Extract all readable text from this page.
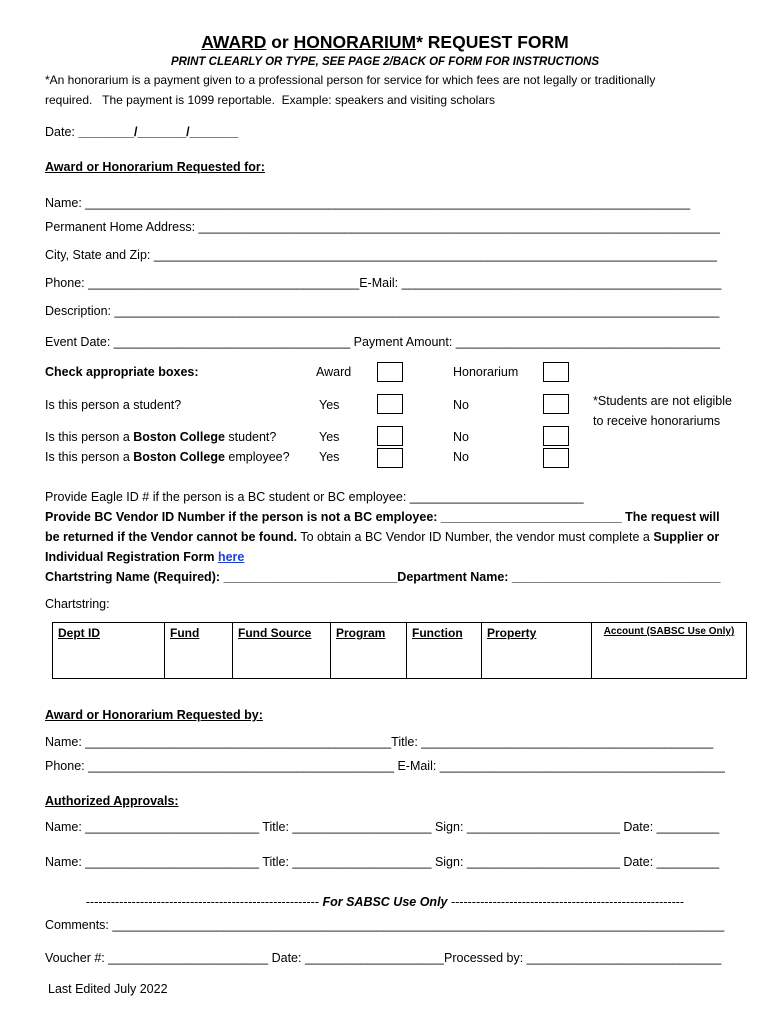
AWARD or HONORARIUM* REQUEST FORM
PRINT CLEARLY OR TYPE, SEE PAGE 2/BACK OF FORM FOR INSTRUCTIONS
*An honorarium is a payment given to a professional person for service for which fees are not legally or traditionally
required.   The payment is 1099 reportable.  Example: speakers and visiting scholars
Date: ________/_______/_______
Award or Honorarium Requested for:
Name: _______________________________________________________________________________________
Permanent Home Address: ___________________________________________________________________________
City, State and Zip: _________________________________________________________________________________
Phone: _______________________________________E-Mail: ______________________________________________
Description: _______________________________________________________________________________________
Event Date: __________________________________ Payment Amount: ______________________________________
Check appropriate boxes:	Award	Honorarium
Is this person a student?	Yes	No	*Students are not eligible
to receive honorariums
Is this person a Boston College student?	Yes	No
Is this person a Boston College employee? Yes	No
Provide Eagle ID # if the person is a BC student or BC employee: _________________________
Provide BC Vendor ID Number if the person is not a BC employee: __________________________ The request will
be returned if the Vendor cannot be found. To obtain a BC Vendor ID Number, the vendor must complete a Supplier or
Individual Registration Form here
Chartstring Name (Required): _________________________Department Name: ______________________________
Chartstring:
Dept ID	Fund	Fund Source	Program	Function	Property	Account (SABSC Use Only)
Award or Honorarium Requested by:
Name: ____________________________________________Title: __________________________________________
Phone: ____________________________________________ E-Mail: _________________________________________
Authorized Approvals:
Name: _________________________ Title: ____________________ Sign: ______________________ Date: _________
Name: _________________________ Title: ____________________ Sign: ______________________ Date: _________
-------------------------------------------------------- For SABSC Use Only --------------------------------------------------------
Comments: ________________________________________________________________________________________
Voucher #: _______________________ Date: ____________________Processed by: ____________________________
Last Edited July 2022
